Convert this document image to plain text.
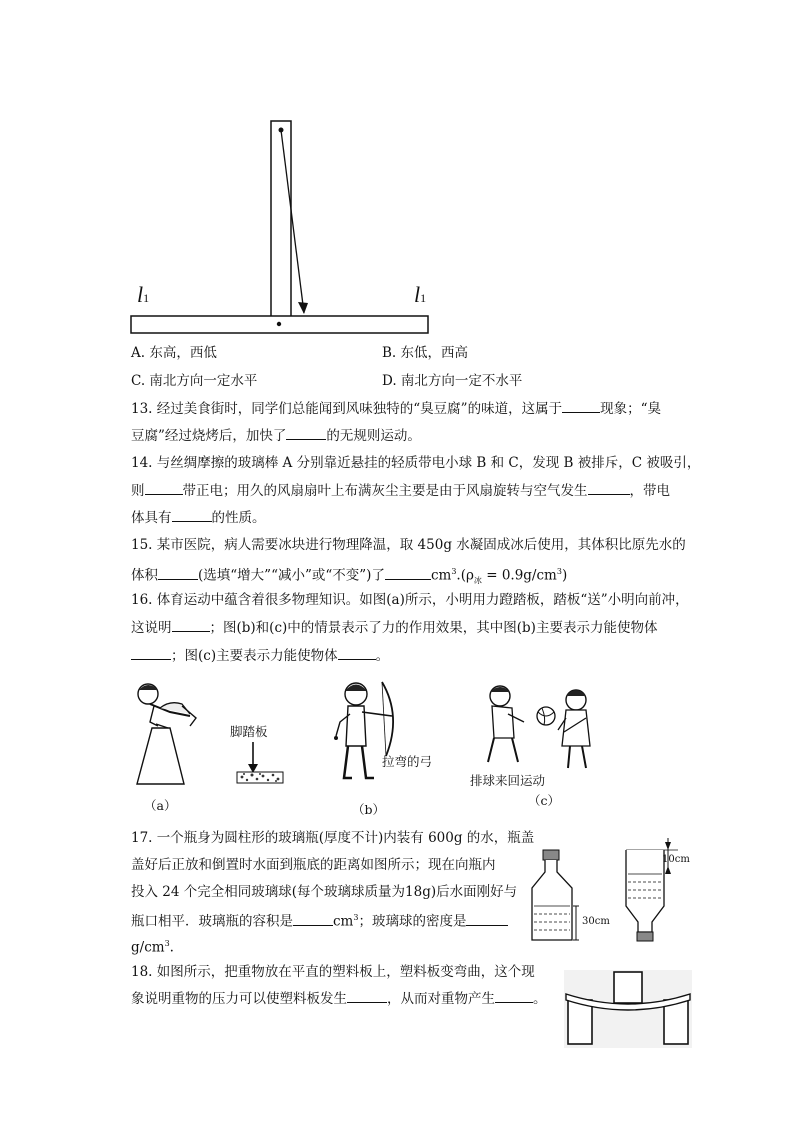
l1	l1
A. 东高，西低	B. 东低，西高
C. 南北方向一定水平	D. 南北方向一定不水平
13. 经过美食街时，同学们总能闻到风味独特的“臭豆腐”的味道，这属于	现象；“臭
豆腐”经过烧烤后，加快了	的无规则运动。
14. 与丝绸摩擦的玻璃棒 A 分别靠近悬挂的轻质带电小球 B 和 C，发现 B 被排斥，C 被吸引，
则	带正电；用久的风扇扇叶上布满灰尘主要是由于风扇旋转与空气发生	，带电
体具有	的性质。
15. 某市医院，病人需要冰块进行物理降温，取 450g 水凝固成冰后使用，其体积比原先水的
体积	(选填“增大”“减小”或“不变”)了	$cm^3.(\rho_冰 = 0.9g/cm^3)$
16. 体育运动中蕴含着很多物理知识。如图(a)所示，小明用力蹬踏板，踏板“送”小明向前冲，
这说明	；图(b)和(c)中的情景表示了力的作用效果，其中图(b)主要表示力能使物体
；图(c)主要表示力能使物体	。
脚踏板
（a）
拉弯的弓
（b）
排球来回运动
（c）
17. 一个瓶身为圆柱形的玻璃瓶(厚度不计)内装有 600g 的水，瓶盖
盖好后正放和倒置时水面到瓶底的距离如图所示；现在向瓶内
投入 24 个完全相同玻璃球(每个玻璃球质量为18g)后水面刚好与
瓶口相平．玻璃瓶的容积是	$cm^3$；玻璃球的密度是
$g/cm^3$.
30cm
10cm
18. 如图所示，把重物放在平直的塑料板上，塑料板变弯曲，这个现
象说明重物的压力可以使塑料板发生	，从而对重物产生	。
